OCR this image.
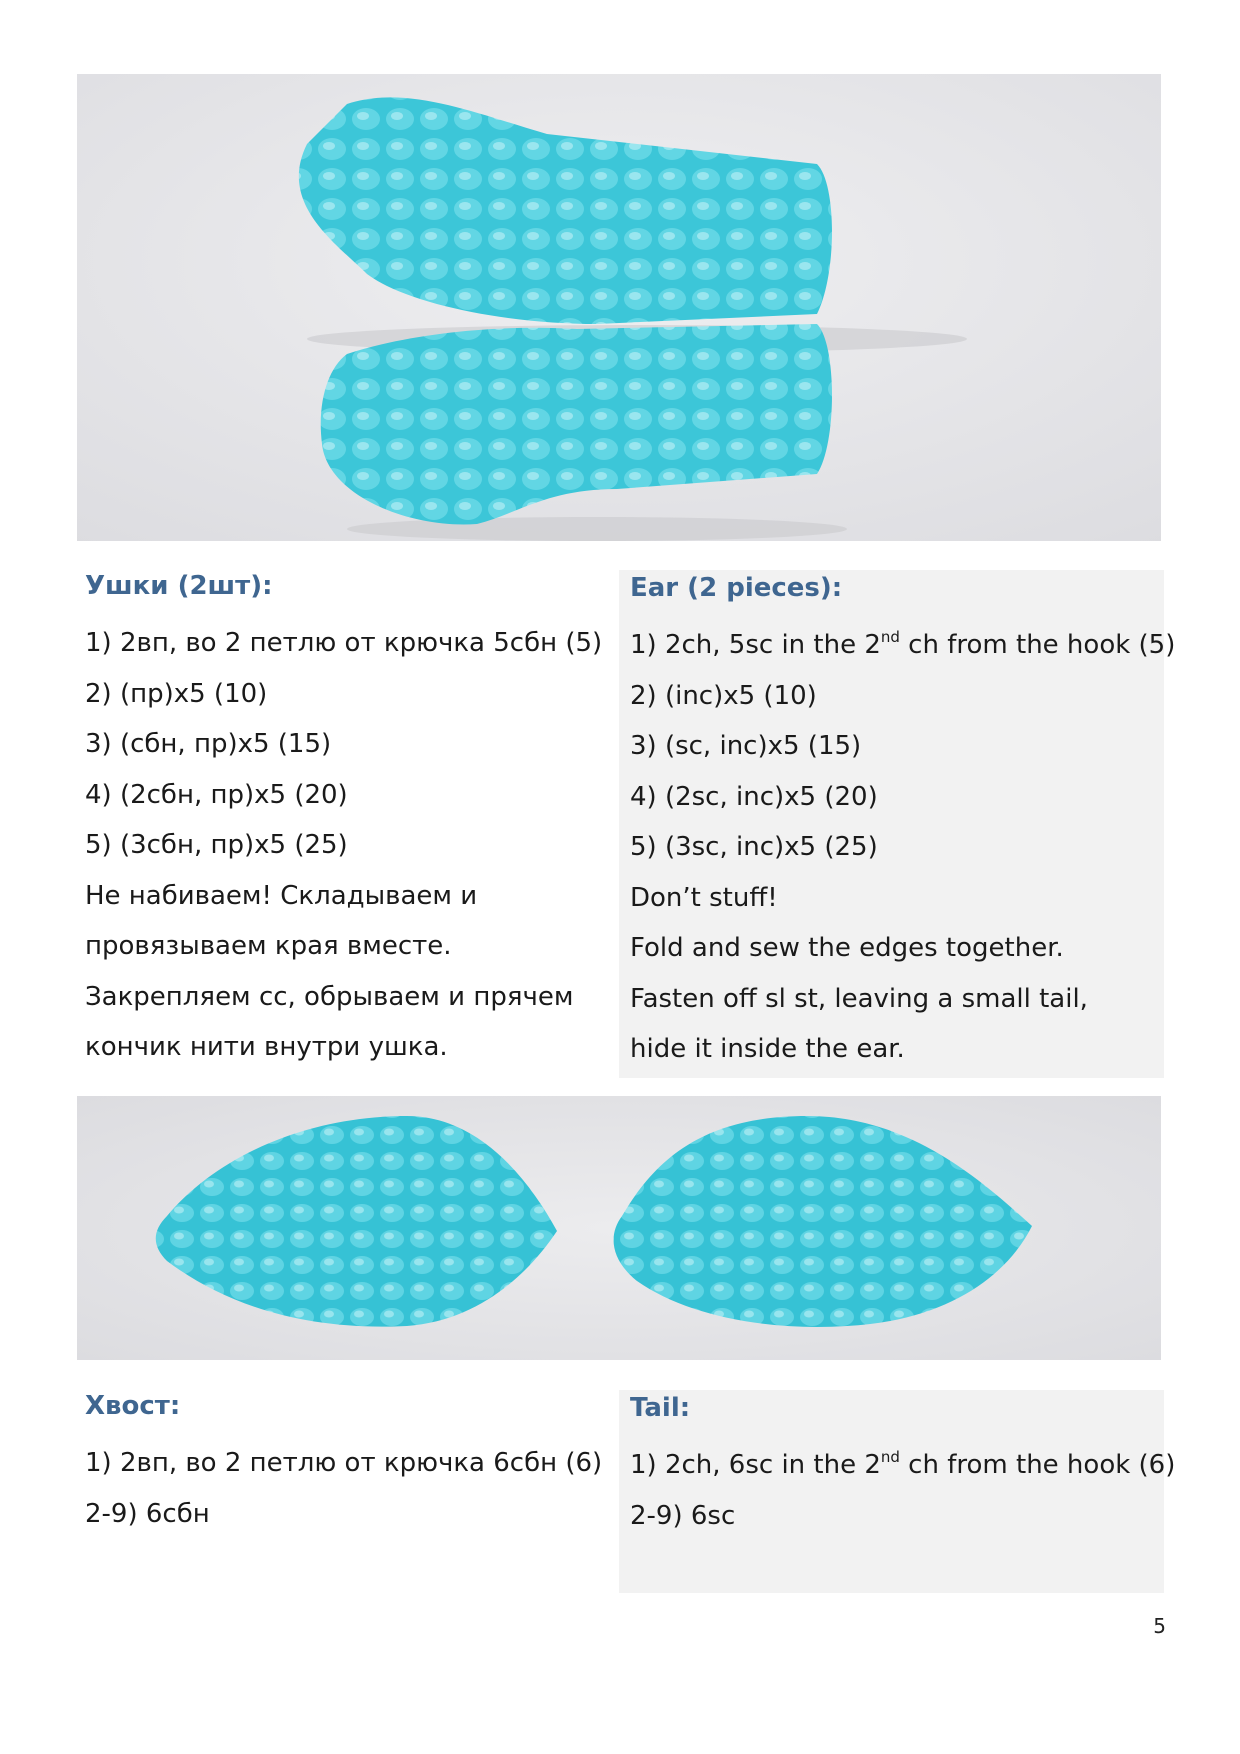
Ушки (2шт):
1) 2вп, во 2 петлю от крючка 5сбн (5)
2) (пр)х5 (10)
3) (сбн, пр)х5 (15)
4) (2сбн, пр)х5 (20)
5) (3сбн, пр)х5 (25)
Не набиваем! Складываем и
провязываем края вместе.
Закрепляем сс, обрываем и прячем
кончик нити внутри ушка.
Ear (2 pieces):
1) 2ch, 5sc in the 2nd ch from the hook (5)
2) (inc)x5 (10)
3) (sc, inc)x5 (15)
4) (2sc, inc)x5 (20)
5) (3sc, inc)x5 (25)
Don’t stuff!
Fold and sew the edges together.
Fasten off sl st, leaving a small tail,
hide it inside the ear.
Хвост:
1) 2вп, во 2 петлю от крючка 6сбн (6)
2-9) 6сбн
Tail:
1) 2ch, 6sc in the 2nd ch from the hook (6)
2-9) 6sc
5
